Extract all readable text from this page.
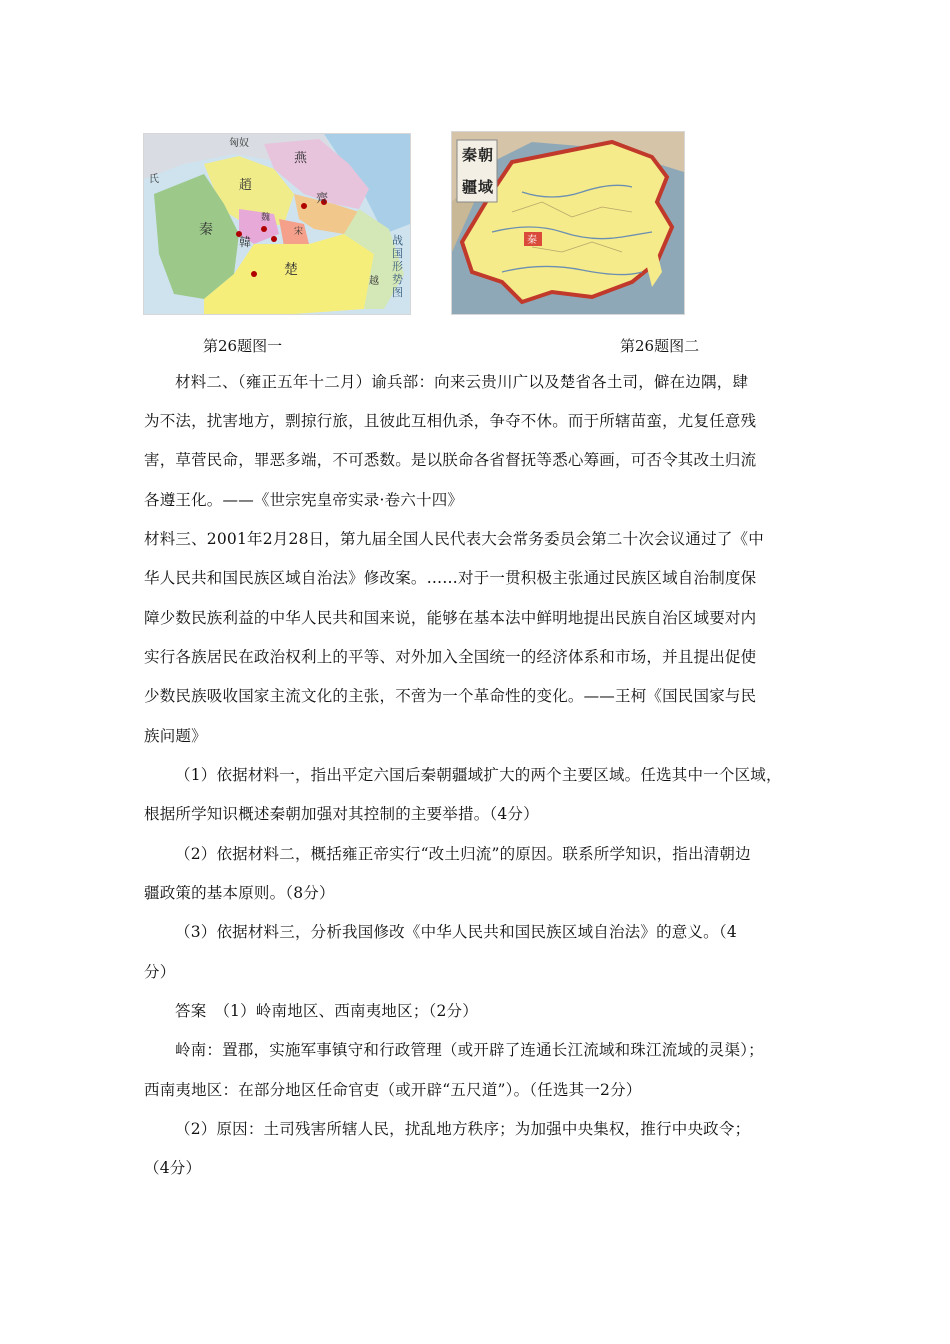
匈奴
燕
趙
齊
秦
韓
楚
氏
魏
宋
越
战
国
形
势
图
秦 朝
疆 域
秦
第26题图一	第26题图二
材料二、（雍正五年十二月）谕兵部：向来云贵川广以及楚省各土司，僻在边隅，肆
为不法，扰害地方，剽掠行旅，且彼此互相仇杀，争夺不休。而于所辖苗蛮，尤复任意残
害，草菅民命，罪恶多端，不可悉数。是以朕命各省督抚等悉心筹画，可否令其改土归流
各遵王化。——《世宗宪皇帝实录·卷六十四》
材料三、2001年2月28日，第九届全国人民代表大会常务委员会第二十次会议通过了《中
华人民共和国民族区域自治法》修改案。……对于一贯积极主张通过民族区域自治制度保
障少数民族利益的中华人民共和国来说，能够在基本法中鲜明地提出民族自治区域要对内
实行各族居民在政治权利上的平等、对外加入全国统一的经济体系和市场，并且提出促使
少数民族吸收国家主流文化的主张，不啻为一个革命性的变化。——王柯《国民国家与民
族问题》
（1）依据材料一，指出平定六国后秦朝疆域扩大的两个主要区域。任选其中一个区域，
根据所学知识概述秦朝加强对其控制的主要举措。（4分）
（2）依据材料二，概括雍正帝实行“改土归流”的原因。联系所学知识，指出清朝边
疆政策的基本原则。（8分）
（3）依据材料三，分析我国修改《中华人民共和国民族区域自治法》的意义。（4
分）
答案　（1）岭南地区、西南夷地区；（2分）
岭南：置郡，实施军事镇守和行政管理（或开辟了连通长江流域和珠江流域的灵渠）；
西南夷地区：在部分地区任命官吏（或开辟“五尺道”）。（任选其一2分）
（2）原因：土司残害所辖人民，扰乱地方秩序；为加强中央集权，推行中央政令；
（4分）
